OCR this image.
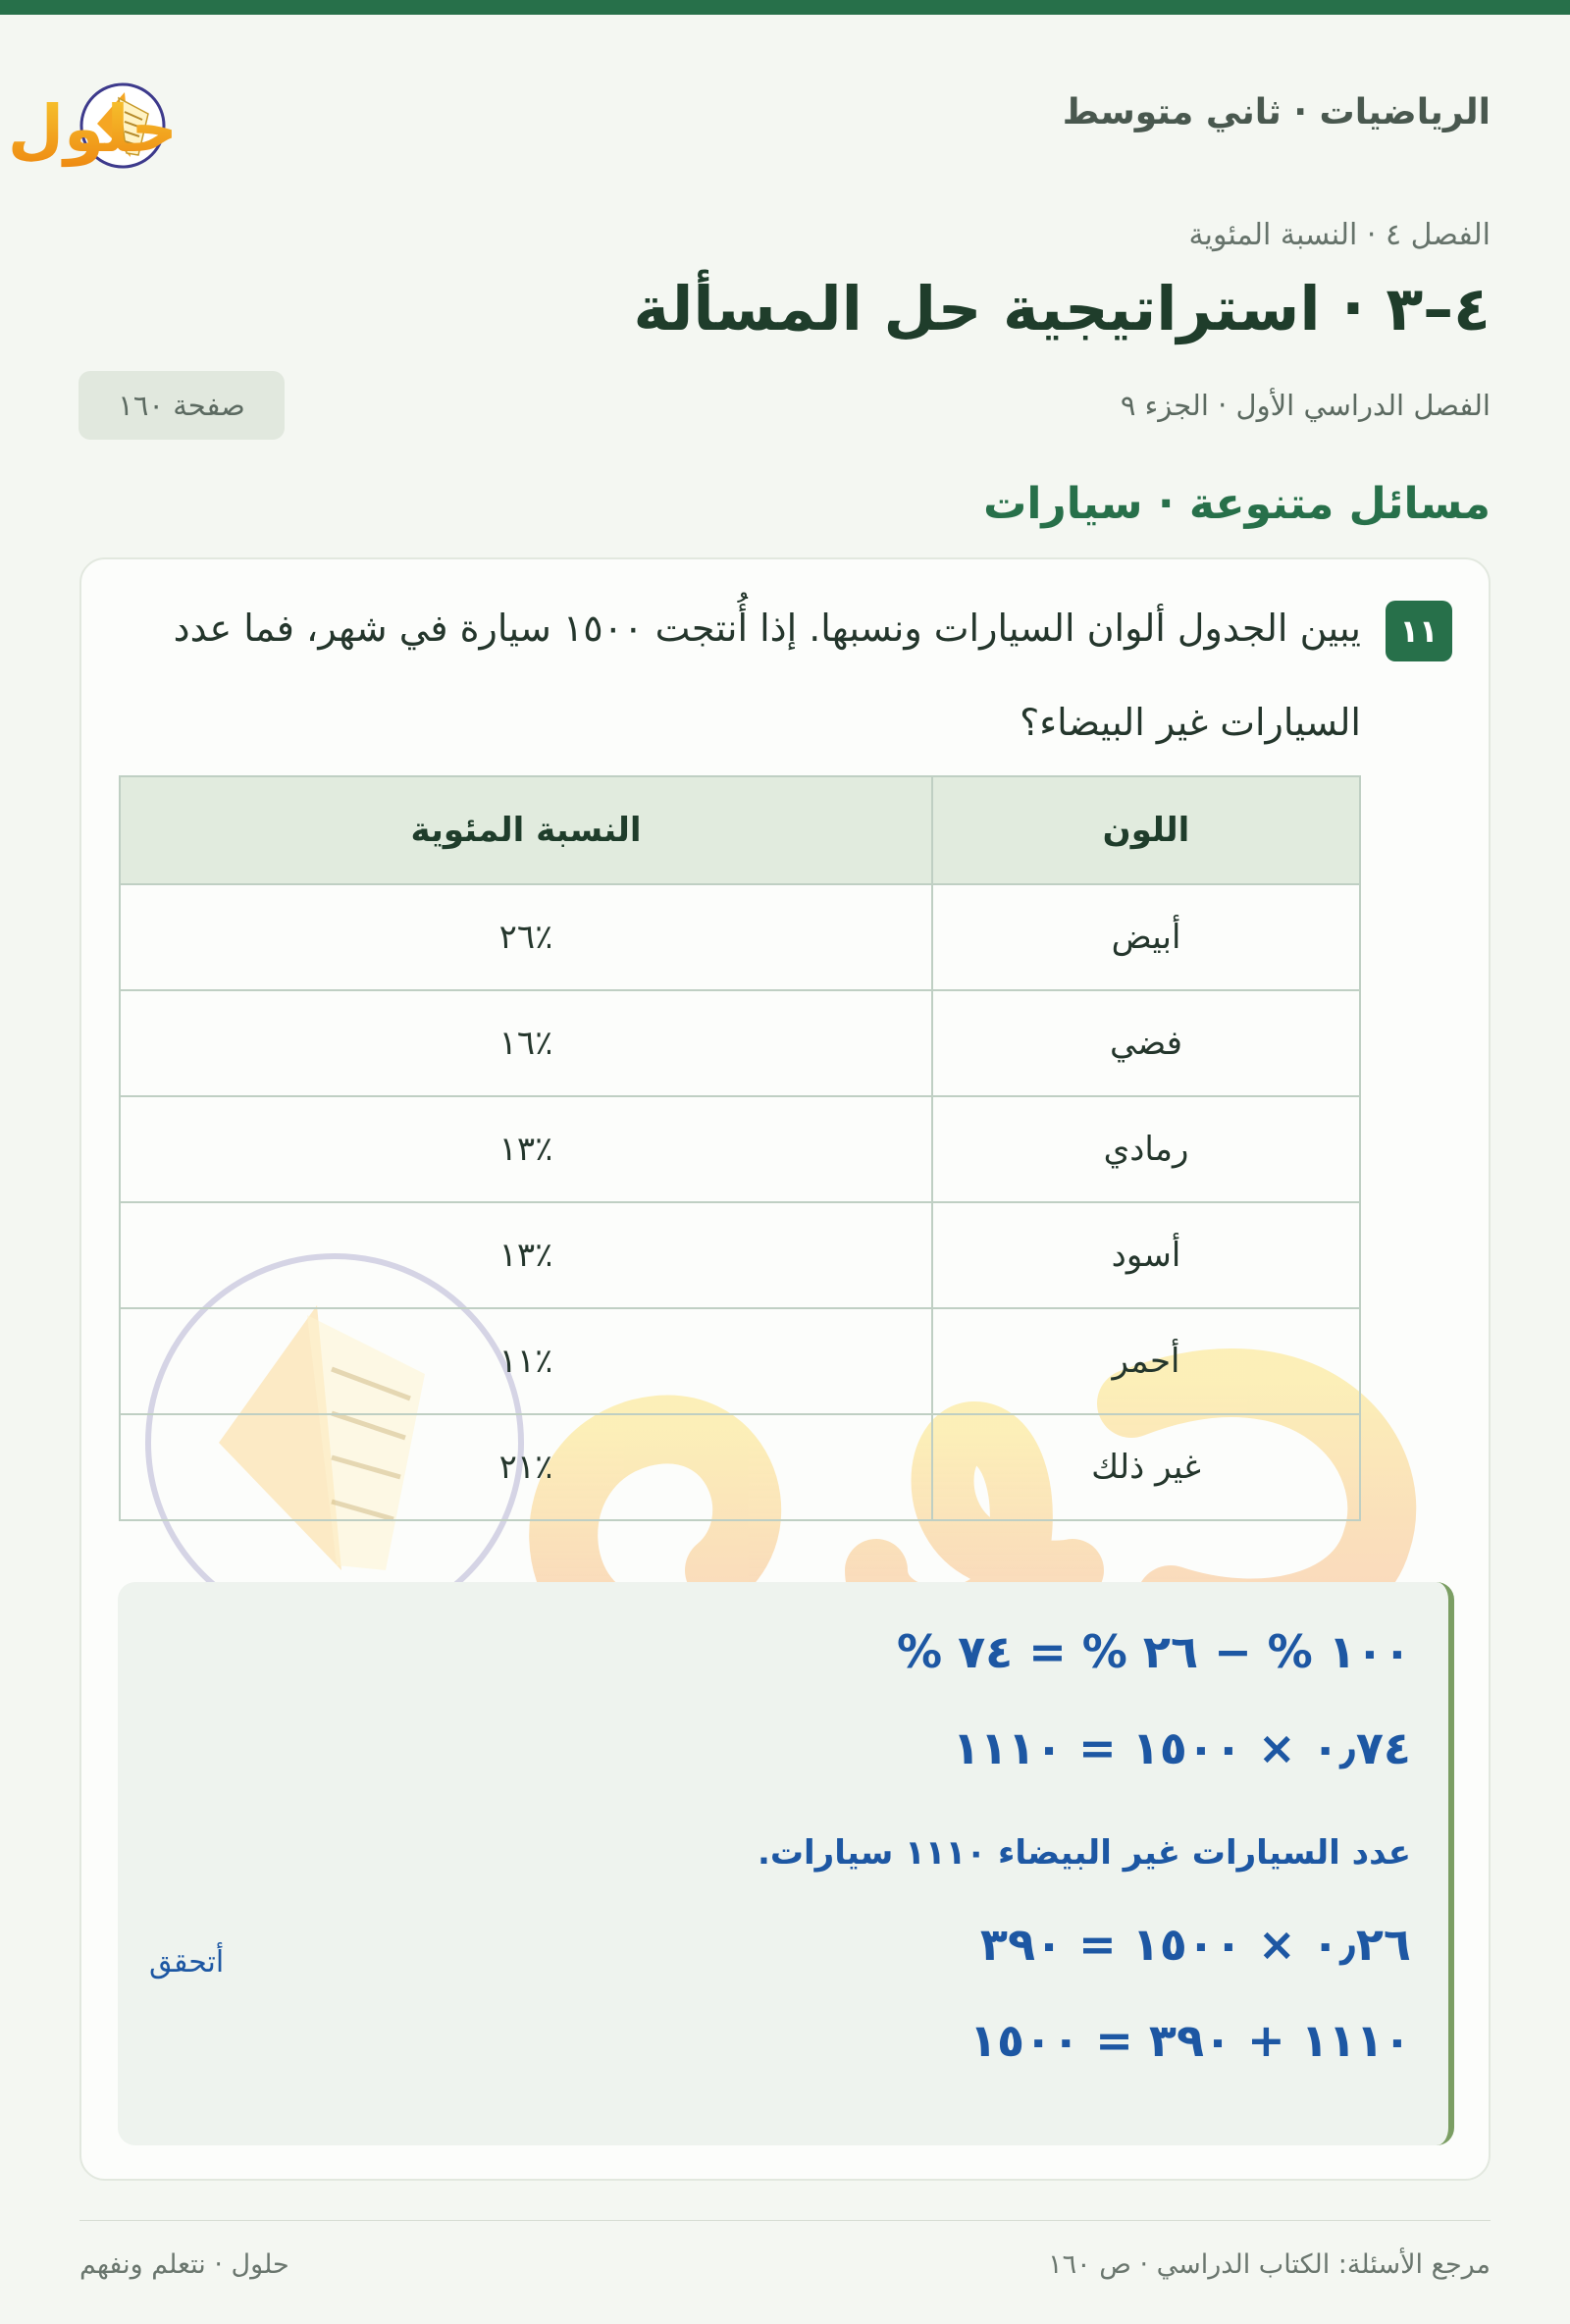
الرياضيات · ثاني متوسط
حلول
الفصل ٤ · النسبة المئوية
٤–٣ · استراتيجية حل المسألة
الفصل الدراسي الأول · الجزء ٩
صفحة ١٦٠
مسائل متنوعة · سيارات
١١

يبين الجدول ألوان السيارات ونسبها. إذا أُنتجت ١٥٠٠ سيارة في شهر، فما عدد السيارات غير البيضاء؟

اللون	النسبة المئوية
أبيض	٪٢٦
فضي	٪١٦
رمادي	٪١٣
أسود	٪١٣
أحمر	٪١١
غير ذلك	٪٢١
١٠٠ % − ٢٦ % = ٧٤ %
٠٫٧٤ × ١٥٠٠ = ١١١٠
عدد السيارات غير البيضاء ١١١٠ سيارات.
أتحقق	٠٫٢٦ × ١٥٠٠ = ٣٩٠
١١١٠ + ٣٩٠ = ١٥٠٠
مرجع الأسئلة: الكتاب الدراسي · ص ١٦٠
حلول · نتعلم ونفهم
